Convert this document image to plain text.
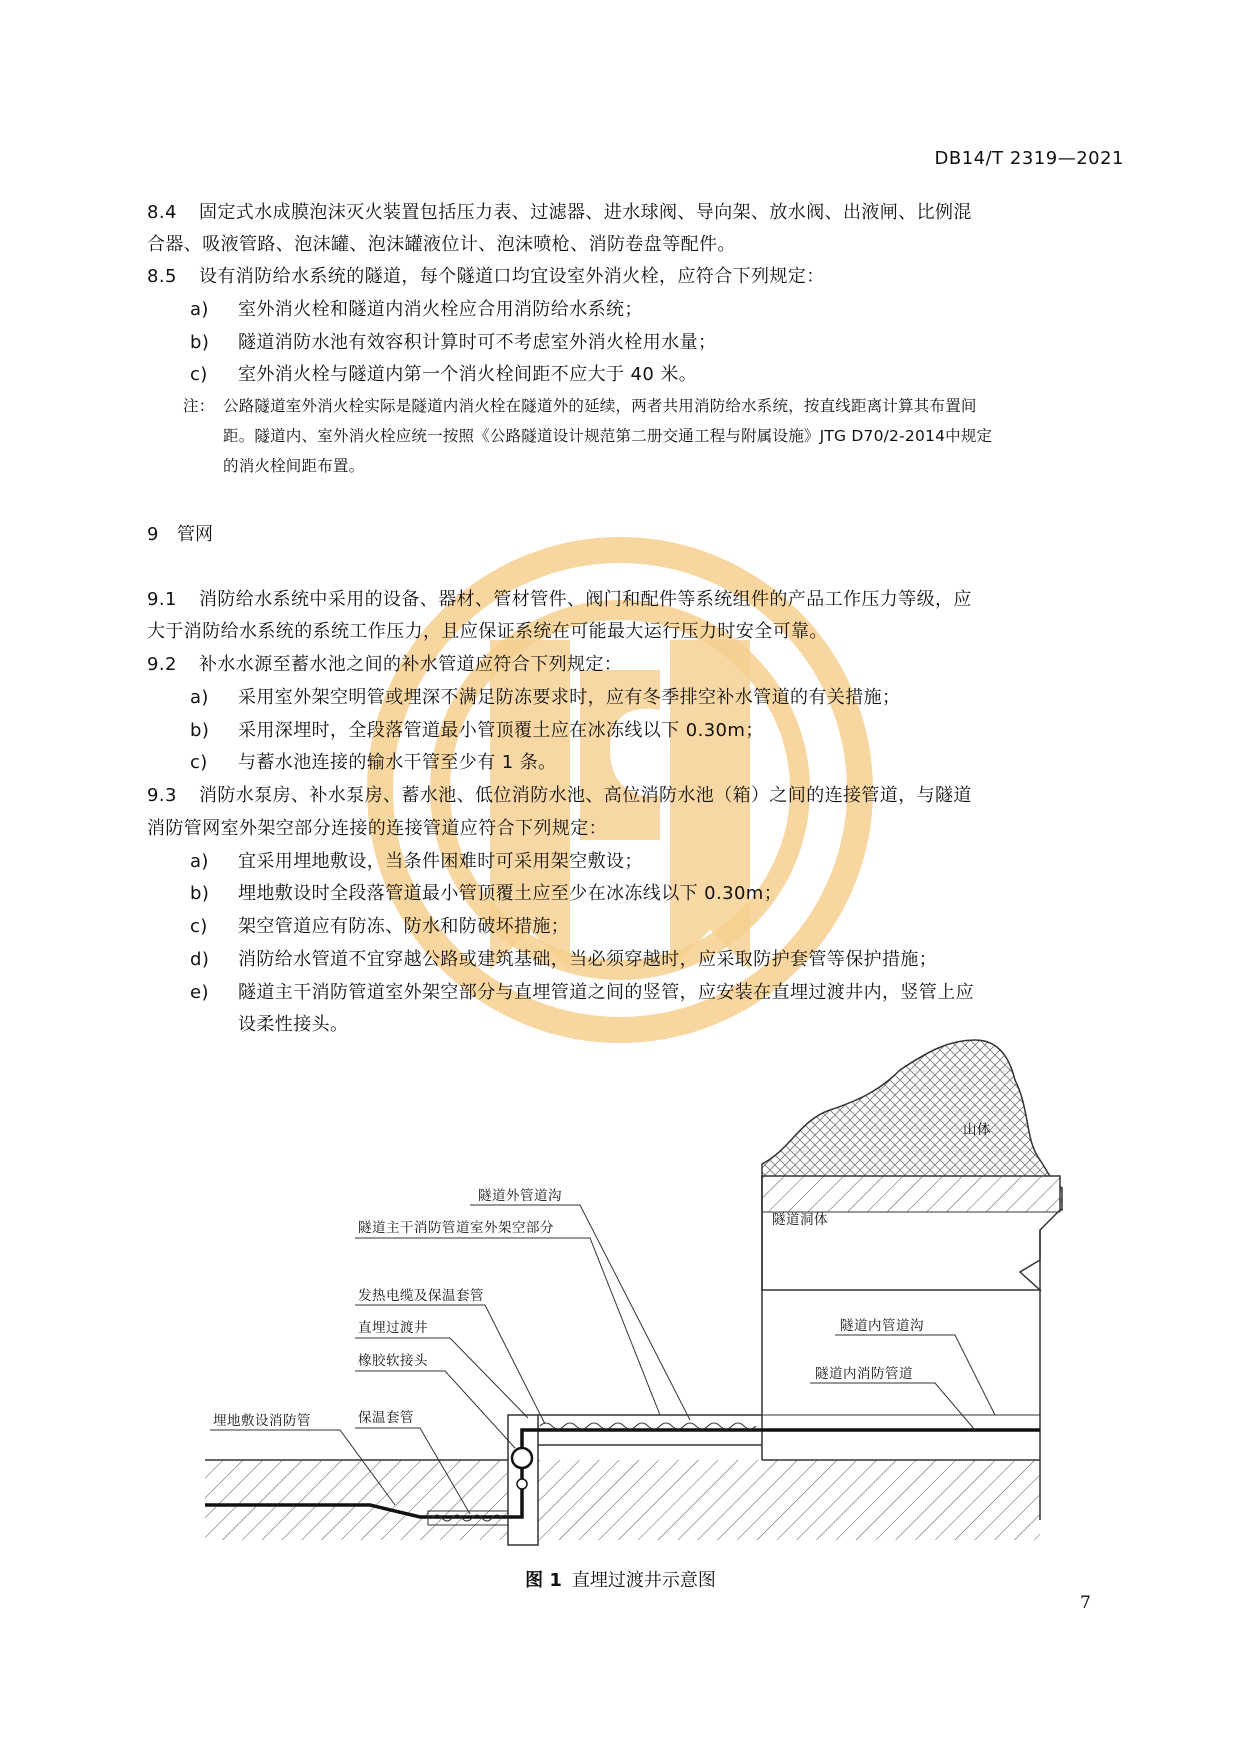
DB14/T 2319—2021
8.4 固定式水成膜泡沫灭火装置包括压力表、过滤器、进水球阀、导向架、放水阀、出液闸、比例混
合器、吸液管路、泡沫罐、泡沫罐液位计、泡沫喷枪、消防卷盘等配件。
8.5 设有消防给水系统的隧道，每个隧道口均宜设室外消火栓，应符合下列规定：
a) 室外消火栓和隧道内消火栓应合用消防给水系统；
b) 隧道消防水池有效容积计算时可不考虑室外消火栓用水量；
c) 室外消火栓与隧道内第一个消火栓间距不应大于 40 米。
注： 公路隧道室外消火栓实际是隧道内消火栓在隧道外的延续，两者共用消防给水系统，按直线距离计算其布置间
距。隧道内、室外消火栓应统一按照《公路隧道设计规范第二册交通工程与附属设施》JTG D70/2-2014中规定
的消火栓间距布置。
9 管网
9.1 消防给水系统中采用的设备、器材、管材管件、阀门和配件等系统组件的产品工作压力等级，应
大于消防给水系统的系统工作压力，且应保证系统在可能最大运行压力时安全可靠。
9.2 补水水源至蓄水池之间的补水管道应符合下列规定：
a) 采用室外架空明管或埋深不满足防冻要求时，应有冬季排空补水管道的有关措施；
b) 采用深埋时，全段落管道最小管顶覆土应在冰冻线以下 0.30m；
c) 与蓄水池连接的输水干管至少有 1 条。
9.3 消防水泵房、补水泵房、蓄水池、低位消防水池、高位消防水池（箱）之间的连接管道，与隧道
消防管网室外架空部分连接的连接管道应符合下列规定：
a) 宜采用埋地敷设，当条件困难时可采用架空敷设；
b) 埋地敷设时全段落管道最小管顶覆土应至少在冰冻线以下 0.30m；
c) 架空管道应有防冻、防水和防破坏措施；
d) 消防给水管道不宜穿越公路或建筑基础，当必须穿越时，应采取防护套管等保护措施；
e) 隧道主干消防管道室外架空部分与直埋管道之间的竖管，应安装在直埋过渡井内，竖管上应
设柔性接头。
山体
隧道洞体
隧道外管道沟
隧道主干消防管道室外架空部分
发热电缆及保温套管
直埋过渡井
橡胶软接头
保温套管
埋地敷设消防管
隧道内管道沟
隧道内消防管道
图 1 直埋过渡井示意图
7
